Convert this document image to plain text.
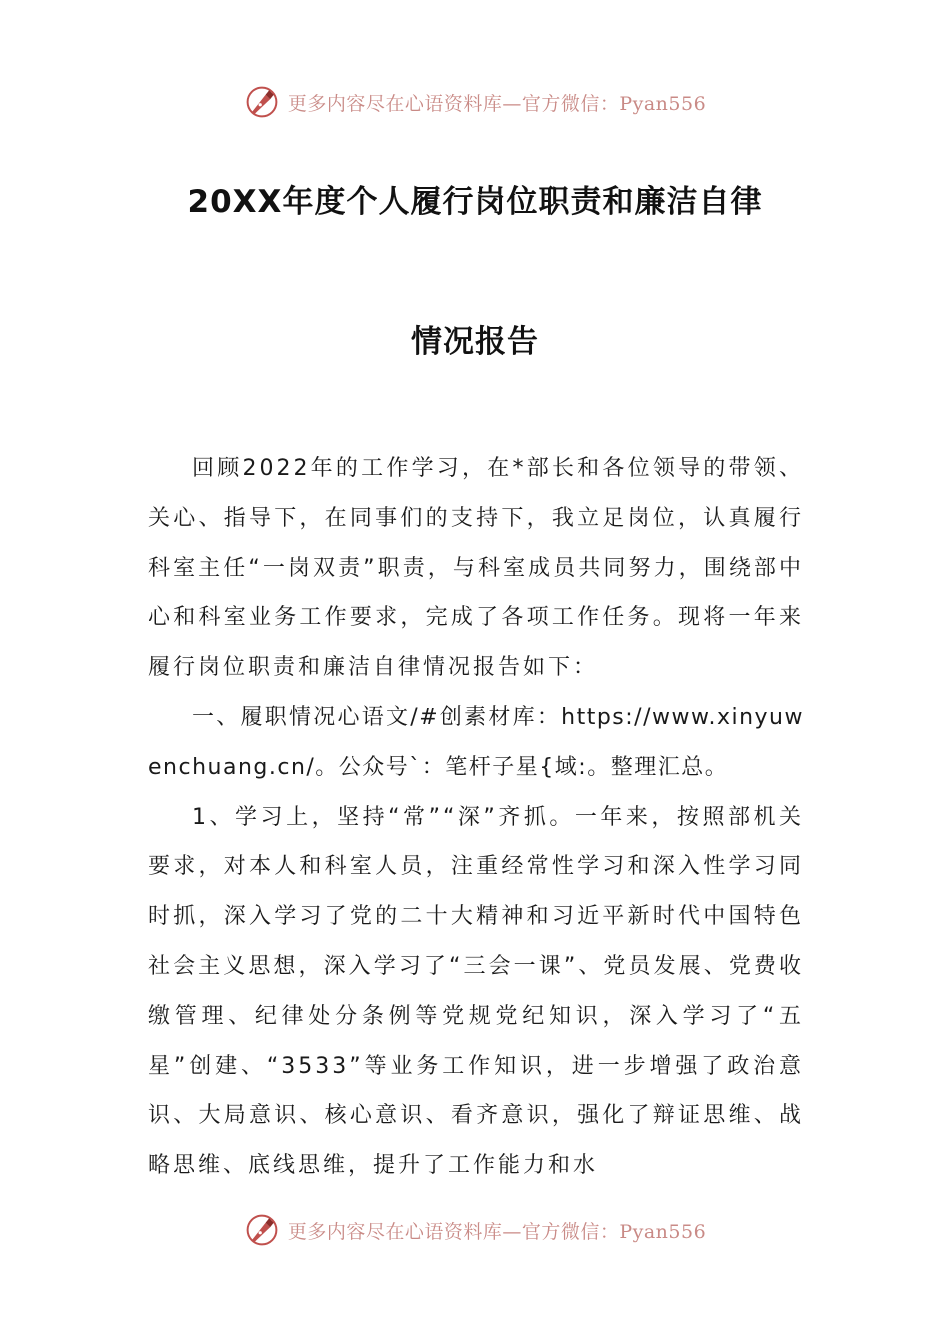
更多内容尽在心语资料库—官方微信：Pyan556
20XX年度个人履行岗位职责和廉洁自律
情况报告

回顾2022年的工作学习，在*部长和各位领导的带领、关心、指导下，在同事们的支持下，我立足岗位，认真履行科室主任“一岗双责”职责，与科室成员共同努力，围绕部中心和科室业务工作要求，完成了各项工作任务。现将一年来履行岗位职责和廉洁自律情况报告如下：

一、履职情况心语文/#创素材库：https://www.xinyuwenchuang.cn/。公众号`：笔杆子星{域:。整理汇总。

1、学习上，坚持“常”“深”齐抓。一年来，按照部机关要求，对本人和科室人员，注重经常性学习和深入性学习同时抓，深入学习了党的二十大精神和习近平新时代中国特色社会主义思想，深入学习了“三会一课”、党员发展、党费收缴管理、纪律处分条例等党规党纪知识，深入学习了“五星”创建、“3533”等业务工作知识，进一步增强了政治意识、大局意识、核心意识、看齐意识，强化了辩证思维、战略思维、底线思维，提升了工作能力和水

更多内容尽在心语资料库—官方微信：Pyan556
